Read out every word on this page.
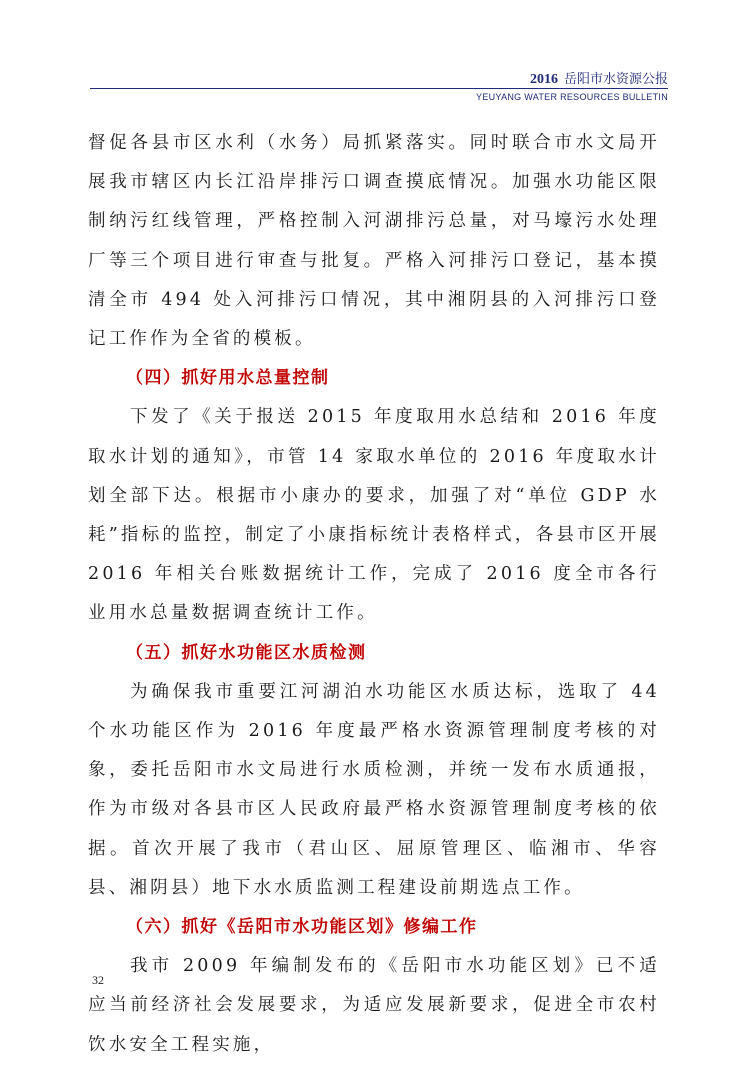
2016 岳阳市水资源公报
YEUYANG WATER RESOURCES BULLETIN

督促各县市区水利（水务）局抓紧落实。同时联合市水文局开展我市辖区内长江沿岸排污口调查摸底情况。加强水功能区限制纳污红线管理，严格控制入河湖排污总量，对马壕污水处理厂等三个项目进行审查与批复。严格入河排污口登记，基本摸清全市 494 处入河排污口情况，其中湘阴县的入河排污口登记工作作为全省的模板。

（四）抓好用水总量控制

下发了《关于报送 2015 年度取用水总结和 2016 年度取水计划的通知》，市管 14 家取水单位的 2016 年度取水计划全部下达。根据市小康办的要求，加强了对“单位 GDP 水耗”指标的监控，制定了小康指标统计表格样式，各县市区开展 2016 年相关台账数据统计工作，完成了 2016 度全市各行业用水总量数据调查统计工作。

（五）抓好水功能区水质检测

为确保我市重要江河湖泊水功能区水质达标，选取了 44 个水功能区作为 2016 年度最严格水资源管理制度考核的对象，委托岳阳市水文局进行水质检测，并统一发布水质通报，作为市级对各县市区人民政府最严格水资源管理制度考核的依据。首次开展了我市（君山区、屈原管理区、临湘市、华容县、湘阴县）地下水水质监测工程建设前期选点工作。

（六）抓好《岳阳市水功能区划》修编工作

我市 2009 年编制发布的《岳阳市水功能区划》已不适应当前经济社会发展要求，为适应发展新要求，促进全市农村饮水安全工程实施，

32
